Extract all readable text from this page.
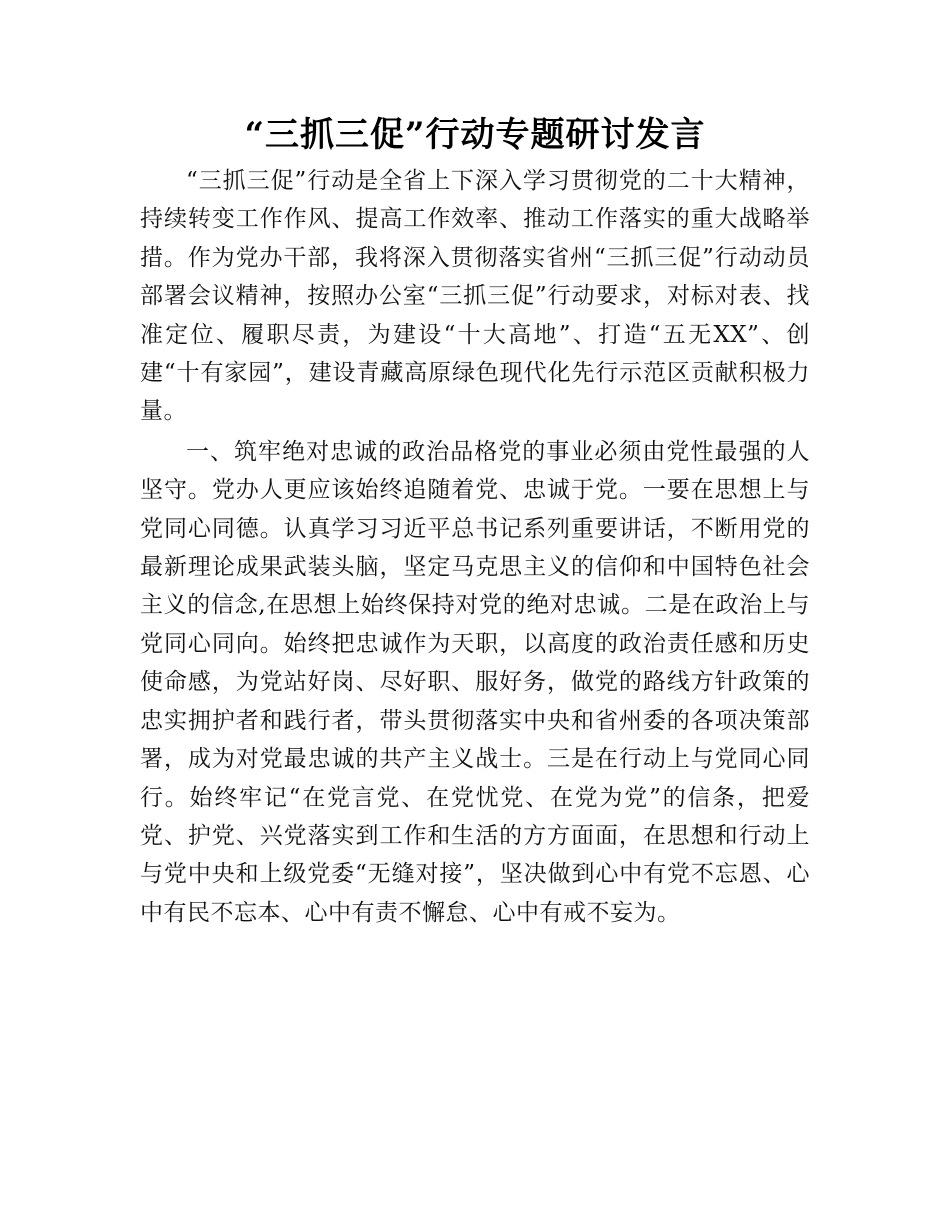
“三抓三促”行动专题研讨发言

“三抓三促”行动是全省上下深入学习贯彻党的二十大精神，持续转变工作作风、提高工作效率、推动工作落实的重大战略举措。作为党办干部，我将深入贯彻落实省州“三抓三促”行动动员部署会议精神，按照办公室“三抓三促”行动要求，对标对表、找准定位、履职尽责，为建设“十大高地”、打造“五无XX”、创建“十有家园”，建设青藏高原绿色现代化先行示范区贡献积极力量。

一、筑牢绝对忠诚的政治品格党的事业必须由党性最强的人坚守。党办人更应该始终追随着党、忠诚于党。一要在思想上与党同心同德。认真学习习近平总书记系列重要讲话，不断用党的最新理论成果武装头脑，坚定马克思主义的信仰和中国特色社会主义的信念,在思想上始终保持对党的绝对忠诚。二是在政治上与党同心同向。始终把忠诚作为天职，以高度的政治责任感和历史使命感，为党站好岗、尽好职、服好务，做党的路线方针政策的忠实拥护者和践行者，带头贯彻落实中央和省州委的各项决策部署，成为对党最忠诚的共产主义战士。三是在行动上与党同心同行。始终牢记“在党言党、在党忧党、在党为党”的信条，把爱党、护党、兴党落实到工作和生活的方方面面，在思想和行动上与党中央和上级党委“无缝对接”，坚决做到心中有党不忘恩、心中有民不忘本、心中有责不懈怠、心中有戒不妄为。
